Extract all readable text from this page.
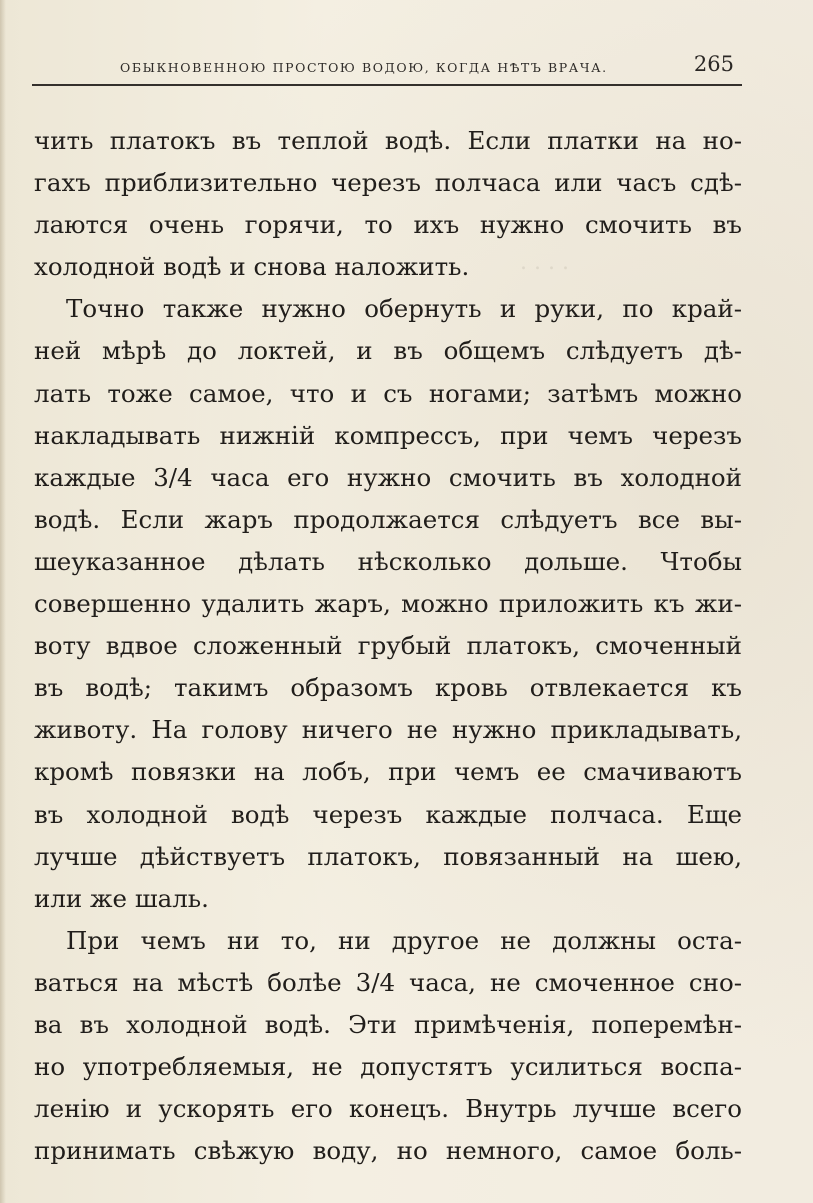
. . . .
ОБЫКНОВЕННОЮ ПРОСТОЮ ВОДОЮ, КОГДА НѢТЪ ВРАЧА.	265
чить платокъ въ теплой водѣ. Если платки на но-
гахъ приблизительно черезъ полчаса или часъ сдѣ-
лаются очень горячи, то ихъ нужно смочить въ
холодной водѣ и снова наложить.
Точно также нужно обернуть и руки, по край-
ней мѣрѣ до локтей, и въ общемъ слѣдуетъ дѣ-
лать тоже самое, что и съ ногами; затѣмъ можно
накладывать нижній компрессъ, при чемъ черезъ
каждые 3/4 часа его нужно смочить въ холодной
водѣ. Если жаръ продолжается слѣдуетъ все вы-
шеуказанное дѣлать нѣсколько дольше. Чтобы
совершенно удалить жаръ, можно приложить къ жи-
воту вдвое сложенный грубый платокъ, смоченный
въ водѣ; такимъ образомъ кровь отвлекается къ
животу. На голову ничего не нужно прикладывать,
кромѣ повязки на лобъ, при чемъ ее смачиваютъ
въ холодной водѣ черезъ каждые полчаса. Еще
лучше дѣйствуетъ платокъ, повязанный на шею,
или же шаль.
При чемъ ни то, ни другое не должны оста-
ваться на мѣстѣ болѣе 3/4 часа, не смоченное сно-
ва въ холодной водѣ. Эти примѣченія, поперемѣн-
но употребляемыя, не допустятъ усилиться воспа-
ленію и ускорять его конецъ. Внутрь лучше всего
принимать свѣжую воду, но немного, самое боль-
